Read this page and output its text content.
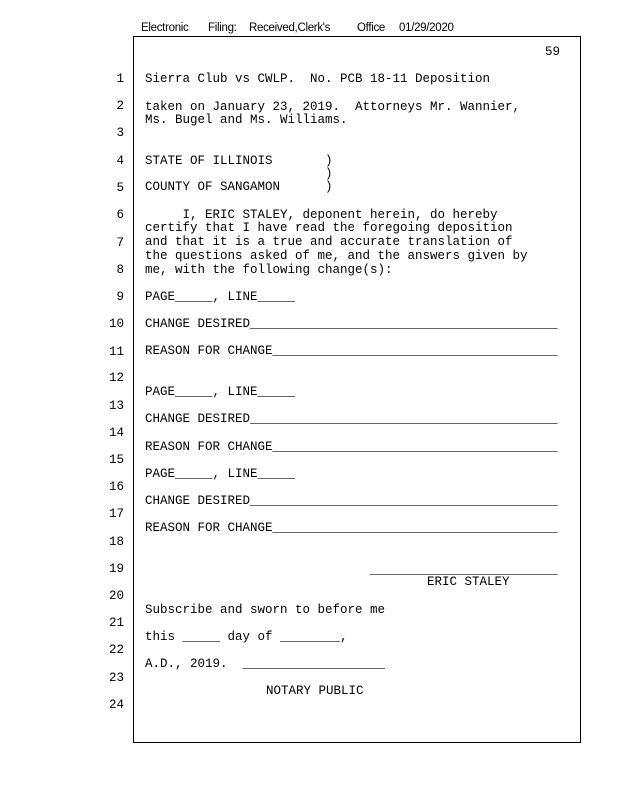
Electronic

Filing:

Received,Clerk's

Office

01/29/2020

59
1
2
3
4
5
6
7
8
9
10
11
12
13
14
15
16
17
18
19
20
21
22
23
24
Sierra Club vs CWLP.  No. PCB 18-11 Deposition
taken on January 23, 2019.  Attorneys Mr. Wannier,
Ms. Bugel and Ms. Williams.
STATE OF ILLINOIS       )
)
COUNTY OF SANGAMON      )
I, ERIC STALEY, deponent herein, do hereby
certify that I have read the foregoing deposition
and that it is a true and accurate translation of
the questions asked of me, and the answers given by
me, with the following change(s):
PAGE_____, LINE_____
CHANGE DESIRED_________________________________________
REASON FOR CHANGE______________________________________
PAGE_____, LINE_____
CHANGE DESIRED_________________________________________
REASON FOR CHANGE______________________________________
PAGE_____, LINE_____
CHANGE DESIRED_________________________________________
REASON FOR CHANGE______________________________________
_________________________
ERIC STALEY
Subscribe and sworn to before me
this _____ day of ________,
A.D., 2019.  ___________________
NOTARY PUBLIC
